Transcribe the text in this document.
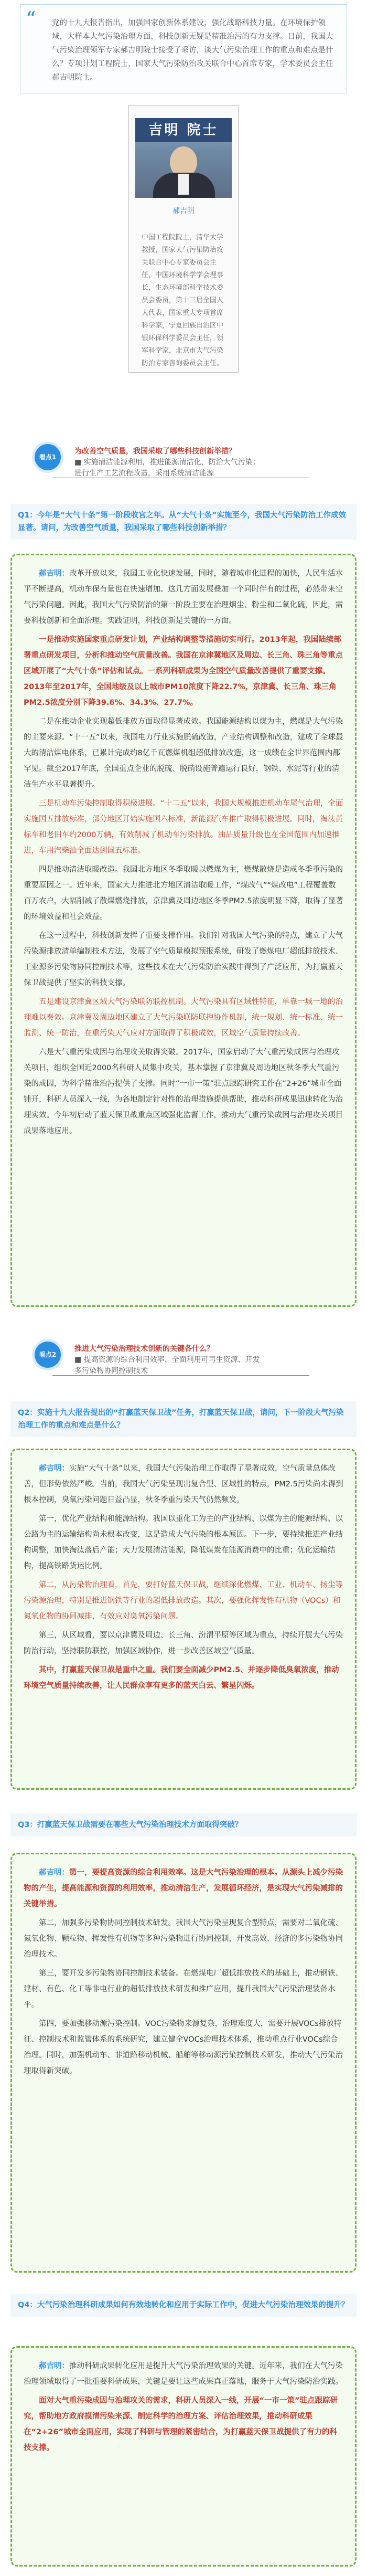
“ 党的十九大报告指出，加强国家创新体系建设，强化战略科技力量。在环境保护领域，大样本大气污染治理方面，科技创新无疑是精准治污的有力支撑。日前，我国大气污染治理领军专家郝吉明院士接受了采访，谈大气污染治理工作的重点和难点是什么？专项计划工程院士，国家大气污染防治攻关联合中心首席专家，学术委员会主任郝吉明院士。
吉明 院士
郝吉明
中国工程院院士，清华大学教授，国家大气污染防治攻关联合中心专家委员会主任，中国环境科学学会理事长，生态环境部科学技术委员会委员，第十三届全国人大代表，国家重大专项首席科学家，宁夏回族自治区中银环保科学委员会主任，领军科学家，北京市大气污染防治专家咨询委员会主任。
看点1
为改善空气质量，我国采取了哪些科技创新举措？
■ 实施清洁能源利用，推进能源清洁化，防治大气污染；进行生产工艺流程改造，采用系统清洁能源
Q1：今年是“大气十条”第一阶段收官之年。从“大气十条”实施至今，我国大气污染防治工作成效显著。请问，为改善空气质量，我国采取了哪些科技创新举措？

郝吉明：改革开放以来，我国工业化快速发展，同时，随着城市化进程的加快，人民生活水平不断提高，机动车保有量也在快速增加。这几方面发展叠加一个同时伴有的过程，必然带来空气污染问题。因此，我国大气污染防治的第一阶段主要在治理烟尘、粉尘和二氧化硫，因此，需要科技创新和全面治理。实践证明，科技创新是关键的一方面。

一是推动实施国家重点研发计划，产业结构调整等措施切实可行。2013年起，我国陆续部署重点研发项目，分析和推动空气质量改善。我国在京津冀地区及周边、长三角、珠三角等重点区域开展了“大气十条”评估和试点。一系列科研成果为全国空气质量改善提供了重要支撑。2013年至2017年，全国地级及以上城市PM10浓度下降22.7%，京津冀、长三角、珠三角PM2.5浓度分别下降39.6%、34.3%、27.7%。

二是在推动企业实现超低排放方面取得显著成效。我国能源结构以煤为主，燃煤是大气污染的主要来源。“十一五”以来，我国电力行业实施脱硫改造，产业结构调整和改造，建成了全球最大的清洁煤电体系，已累计完成约8亿千瓦燃煤机组超低排放改造，这一成绩在全世界范围内都罕见。截至2017年底，全国重点企业的脱硫、脱硝设施普遍运行良好，钢铁、水泥等行业的清洁生产水平显著提升。

三是机动车污染控制取得积极进展。“十二五”以来，我国大规模推进机动车尾气治理，全面实施国五排放标准，部分地区开始实施国六标准，新能源汽车推广取得积极进展。同时，淘汰黄标车和老旧车约2000万辆，有效削减了机动车污染排放。油品质量升级也在全国范围内加速推进，车用汽柴油全面达到国五标准。

四是推动清洁取暖改造。我国北方地区冬季取暖以燃煤为主，燃煤散烧是造成冬季重污染的重要原因之一。近年来，国家大力推进北方地区清洁取暖工作，“煤改气”“煤改电”工程覆盖数百万农户，大幅削减了散煤燃烧排放，京津冀及周边地区冬季PM2.5浓度明显下降，取得了显著的环境效益和社会效益。

在这一过程中，科技创新发挥了重要支撑作用。我们针对我国大气污染的特点，建立了大气污染源排放清单编制技术方法，发展了空气质量模拟预报系统，研发了燃煤电厂超低排放技术、工业源多污染物协同控制技术等，这些技术在大气污染防治实践中得到了广泛应用，为打赢蓝天保卫战提供了坚实的科技支撑。

五是建设京津冀区域大气污染联防联控机制。大气污染具有区域性特征，单靠一城一地的治理难以奏效。京津冀及周边地区建立了大气污染联防联控协作机制，统一规划、统一标准、统一监测、统一防治，在重污染天气应对方面取得了积极成效，区域空气质量持续改善。

六是大气重污染成因与治理攻关取得突破。2017年，国家启动了大气重污染成因与治理攻关项目，组织全国近2000名科研人员集中攻关，基本掌握了京津冀及周边地区秋冬季大气重污染的成因，为科学精准治污提供了支撑。同时“一市一策”驻点跟踪研究工作在“2+26”城市全面铺开，科研人员深入一线，为各地制定针对性的治理措施提供帮助，推动科研成果迅速转化为治理实效。今年初启动了蓝天保卫战重点区域强化监督工作，推动大气重污染成因与治理攻关项目成果落地应用。

看点2
推进大气污染治理技术创新的关键各什么？
■ 提高资源的综合利用效率、全面利用可再生资源、开发多污染物协同控制技术
Q2：实施十九大报告提出的“打赢蓝天保卫战”任务，打赢蓝天保卫战，请问，下一阶段大气污染治理工作的重点和难点是什么？

郝吉明：实施“大气十条”以来，我国大气污染治理工作取得了显著成效，空气质量总体改善，但形势依然严峻。当前，我国大气污染呈现出复合型、区域性的特点，PM2.5污染尚未得到根本控制，臭氧污染问题日益凸显，秋冬季重污染天气仍然频发。

第一，优化产业结构和能源结构。我国以重化工为主的产业结构、以煤为主的能源结构、以公路为主的运输结构尚未根本改变，这是造成大气污染的根本原因。下一步，要持续推进产业结构调整，加快淘汰落后产能；大力发展清洁能源，降低煤炭在能源消费中的比重；优化运输结构，提高铁路货运比例。

第二，从污染物治理看，首先，要打好蓝天保卫战，继续深化燃煤、工业、机动车、扬尘等污染源治理，特别是推进钢铁等行业的超低排放改造。其次，要强化挥发性有机物（VOCs）和氮氧化物的协同减排，有效应对臭氧污染问题。

第三，从区域看，要以京津冀及周边、长三角、汾渭平原等区域为重点，持续开展大气污染防治行动，坚持联防联控，加强区域协作，进一步改善区域空气质量。

其中，打赢蓝天保卫战是重中之重。我们要全面减少PM2.5、并逐步降低臭氧浓度，推动环境空气质量持续改善，让人民群众享有更多的蓝天白云、繁星闪烁。

Q3：打赢蓝天保卫战需要在哪些大气污染治理技术方面取得突破？

郝吉明：第一，要提高资源的综合利用效率。这是大气污染治理的根本。从源头上减少污染物的产生，提高能源和资源的利用效率，推动清洁生产，发展循环经济，是实现大气污染减排的关键举措。

第二，加强多污染物协同控制技术研发。我国大气污染呈现复合型特点，需要对二氧化硫、氮氧化物、颗粒物、挥发性有机物等多种污染物进行协同控制，开发高效、经济的多污染物协同治理技术。

第三，要开发多污染物协同控制技术装备。在燃煤电厂超低排放技术的基础上，推动钢铁、建材、有色、化工等非电行业的超低排放技术研发和推广应用，提升我国大气污染治理装备水平。

第四，要加强移动源污染控制。VOC污染物来源复杂，治理难度大，需要开展VOCs排放特征、控制技术和监管体系的系统研究，建立健全VOCs治理技术体系，推动重点行业VOCs综合治理。同时，加强机动车、非道路移动机械、船舶等移动源污染控制技术研发，推动大气污染治理取得新突破。

Q4：大气污染治理科研成果如何有效地转化和应用于实际工作中，促进大气污染治理效果的提升？

郝吉明：推动科研成果转化应用是提升大气污染治理效果的关键。近年来，我们在大气污染治理领域取得了一批重要科研成果，关键是要让这些成果真正落地，服务于大气污染防治实践。

面对大气重污染成因与治理攻关的需求，科研人员深入一线，开展“一市一策”驻点跟踪研究，帮助地方政府摸清污染来源、制定科学的治理方案、评估治理效果，推动科研成果在“2+26”城市全面应用，实现了科研与管理的紧密结合，为打赢蓝天保卫战提供了有力的科技支撑。
